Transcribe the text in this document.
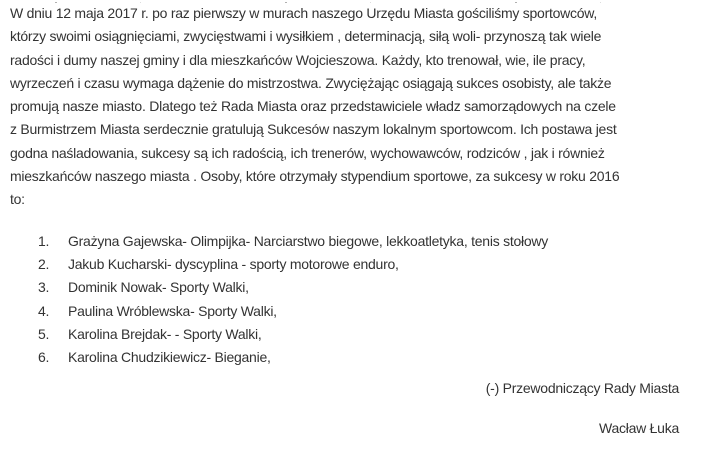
W dniu 12 maja 2017 r. po raz pierwszy w murach naszego Urzędu Miasta gościliśmy sportowców,
którzy swoimi osiągnięciami, zwycięstwami i wysiłkiem , determinacją, siłą woli- przynoszą tak wiele
radości i dumy naszej gminy i dla mieszkańców Wojcieszowa. Każdy, kto trenował, wie, ile pracy,
wyrzeczeń i czasu wymaga dążenie do mistrzostwa. Zwyciężając osiągają sukces osobisty, ale także
promują nasze miasto. Dlatego też Rada Miasta oraz przedstawiciele władz samorządowych na czele
z Burmistrzem Miasta serdecznie gratulują Sukcesów naszym lokalnym sportowcom. Ich postawa jest
godna naśladowania, sukcesy są ich radością, ich trenerów, wychowawców, rodziców , jak i również
mieszkańców naszego miasta . Osoby, które otrzymały stypendium sportowe, za sukcesy w roku 2016
to:
1.	Grażyna Gajewska- Olimpijka- Narciarstwo biegowe, lekkoatletyka, tenis stołowy
2.	Jakub Kucharski- dyscyplina - sporty motorowe enduro,
3.	Dominik Nowak- Sporty Walki,
4.	Paulina Wróblewska- Sporty Walki,
5.	Karolina Brejdak- - Sporty Walki,
6.	Karolina Chudzikiewicz- Bieganie,
(-) Przewodniczący Rady Miasta
Wacław Łuka
